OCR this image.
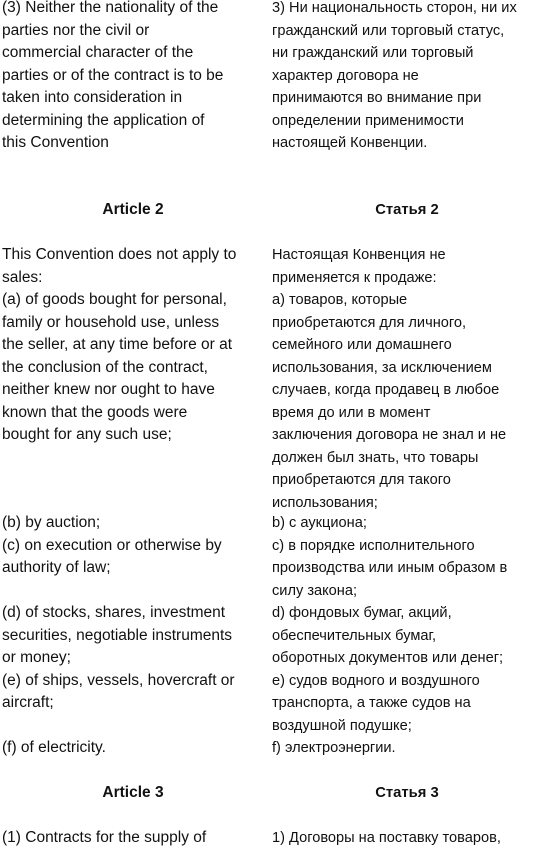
(3) Neither the nationality of the
parties nor the civil or
commercial character of the
parties or of the contract is to be
taken into consideration in
determining the application of
this Convention

Article 2

This Convention does not apply to
sales:
(a) of goods bought for personal,
family or household use, unless
the seller, at any time before or at
the conclusion of the contract,
neither knew nor ought to have
known that the goods were
bought for any such use;

(b) by auction;
(c) on execution or otherwise by
authority of law;

(d) of stocks, shares, investment
securities, negotiable instruments
or money;
(e) of ships, vessels, hovercraft or
aircraft;

(f) of electricity.

Article 3

(1) Contracts for the supply of

3) Ни национальность сторон, ни их
гражданский или торговый статус,
ни гражданский или торговый
характер договора не
принимаются во внимание при
определении применимости
настоящей Конвенции.

Статья 2

Настоящая Конвенция не
применяется к продаже:
а) товаров, которые
приобретаются для личного,
семейного или домашнего
использования, за исключением
случаев, когда продавец в любое
время до или в момент
заключения договора не знал и не
должен был знать, что товары
приобретаются для такого
использования;

b) с аукциона;
с) в порядке исполнительного
производства или иным образом в
силу закона;

d) фондовых бумаг, акций,
обеспечительных бумаг,
оборотных документов или денег;
е) судов водного и воздушного
транспорта, а также судов на
воздушной подушке;

f) электроэнергии.

Статья 3

1) Договоры на поставку товаров,
